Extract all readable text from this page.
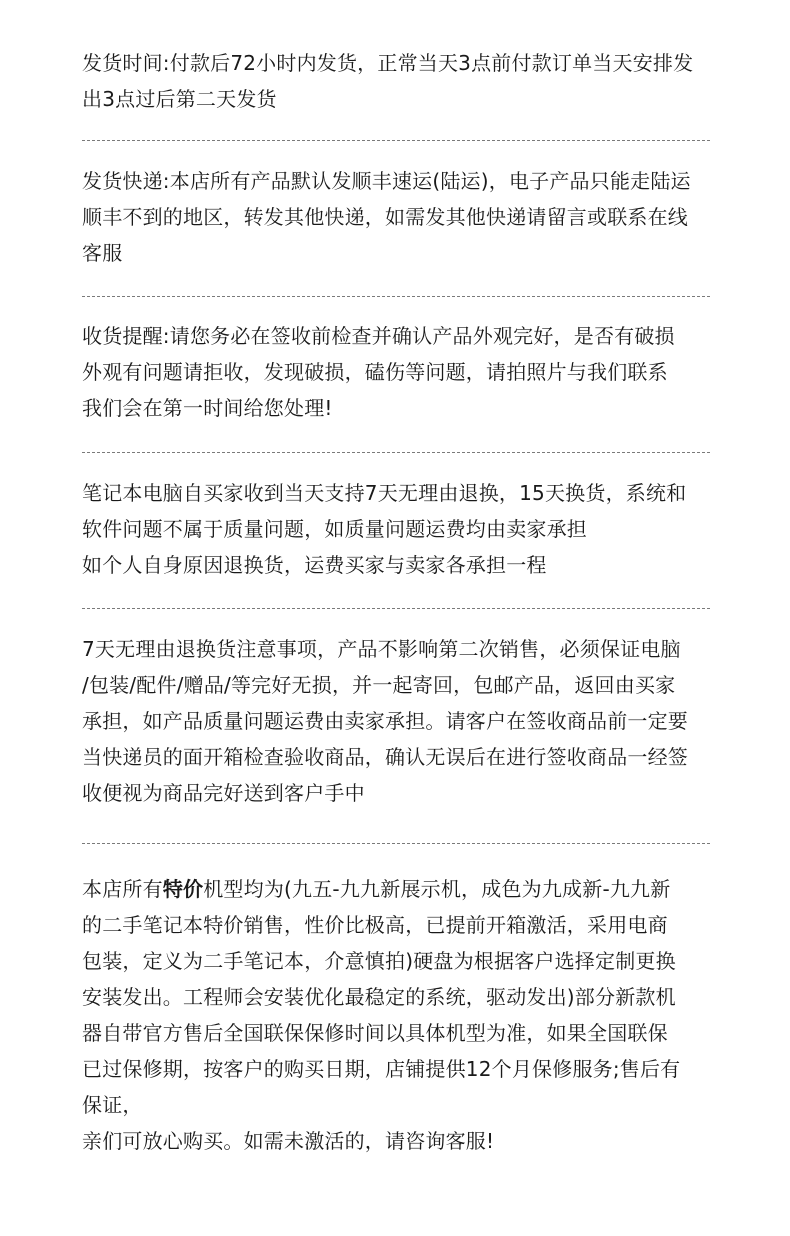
发货时间:付款后72小时内发货，正常当天3点前付款订单当天安排发
出3点过后第二天发货
发货快递:本店所有产品默认发顺丰速运(陆运)，电子产品只能走陆运
顺丰不到的地区，转发其他快递，如需发其他快递请留言或联系在线
客服
收货提醒:请您务必在签收前检查并确认产品外观完好，是否有破损
外观有问题请拒收，发现破损，磕伤等问题，请拍照片与我们联系
我们会在第一时间给您处理!
笔记本电脑自买家收到当天支持7天无理由退换，15天换货，系统和
软件问题不属于质量问题，如质量问题运费均由卖家承担
如个人自身原因退换货，运费买家与卖家各承担一程
7天无理由退换货注意事项，产品不影响第二次销售，必须保证电脑
/包装/配件/赠品/等完好无损，并一起寄回，包邮产品，返回由买家
承担，如产品质量问题运费由卖家承担。请客户在签收商品前一定要
当快递员的面开箱检查验收商品，确认无误后在进行签收商品一经签
收便视为商品完好送到客户手中
本店所有特价机型均为(九五-九九新展示机，成色为九成新-九九新
的二手笔记本特价销售，性价比极高，已提前开箱激活，采用电商
包装，定义为二手笔记本，介意慎拍)硬盘为根据客户选择定制更换
安装发出。工程师会安装优化最稳定的系统，驱动发出)部分新款机
器自带官方售后全国联保保修时间以具体机型为准，如果全国联保
已过保修期，按客户的购买日期，店铺提供12个月保修服务;售后有
保证，
亲们可放心购买。如需未激活的，请咨询客服!
